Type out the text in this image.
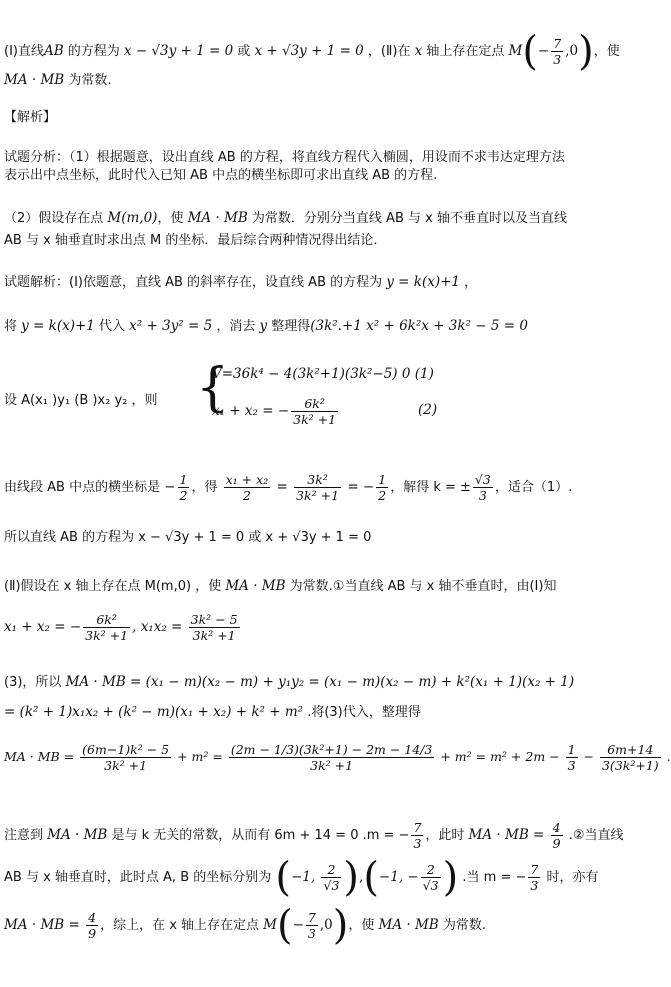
(Ⅰ)直线AB 的方程为 x − √3y + 1 = 0 或 x + √3y + 1 = 0 ，(Ⅱ)在 x 轴上存在定点 $M(- \frac{7}{3} ,0)$，使
MA · MB 为常数.
【解析】
试题分析：（1）根据题意，设出直线 AB 的方程，将直线方程代入椭圆，用设而不求韦达定理方法
表示出中点坐标，此时代入已知 AB 中点的横坐标即可求出直线 AB 的方程.
（2）假设存在点 M(m,0)，使 MA · MB 为常数．分别分当直线 AB 与 x 轴不垂直时以及当直线
AB 与 x 轴垂直时求出点 M 的坐标．最后综合两种情况得出结论．
试题解析：(Ⅰ)依题意，直线 AB 的斜率存在，设直线 AB 的方程为 y = k(x)+1 ，
将 y = k(x)+1 代入 x² + 3y² = 5 ，消去 y 整理得(3k².+1 x² + 6k²x + 3k² − 5 = 0
设 A(x₁ )y₁ (B )x₂ y₂ ，则 {
V=36k⁴ − 4(3k²+1)(3k²−5) 0 (1)
x₁ + x₂ = − $\frac{\text{6k²}}{\text{3k² +1}}$	(2)
由线段 AB 中点的横坐标是 − $\frac{1}{2}$ ，得 $\frac{\text{x₁ + x₂}}{2} = \frac{\text{3k²}}{\text{3k² +1}}$ = − $\frac{1}{2}$ ，解得 k = ± $\frac{√3}{3}$ ，适合（1）.
所以直线 AB 的方程为 x − √3y + 1 = 0 或 x + √3y + 1 = 0
(Ⅱ)假设在 x 轴上存在点 M(m,0) ，使 MA · MB 为常数.①当直线 AB 与 x 轴不垂直时，由(Ⅰ)知
x₁ + x₂ = − $\frac{\text{6k²}}{\text{3k² +1}}$ , $x_1x_2 = \frac{\text{3k² − 5}}{\text{3k² +1}}$
(3)，所以 MA · MB = (x₁ − m)(x₂ − m) + y₁y₂ = (x₁ − m)(x₂ − m) + k²(x₁ + 1)(x₂ + 1)
= (k² + 1)x₁x₂ + (k² − m)(x₁ + x₂) + k² + m² .将(3)代入，整理得
MA · MB = $\frac{\text{(6m−1)k² − 5}}{\text{3k² +1}} + m^2 = \frac{\text{(2m − 1/3)(3k²+1) − 2m − 14/3}}{\text{3k² +1}} + m^2 = m^2 + 2m - \frac{1}{3} - \frac{6m+14}{\text{3(3k²+1)}}$ .
注意到 MA · MB 是与 k 无关的常数，从而有 6m + 14 = 0 .m = − $\frac{7}{3}$ ，此时 MA · MB = $\frac{4}{9}$ .②当直线
AB 与 x 轴垂直时，此时点 A, B 的坐标分别为 (−1, $\frac{2}{√3} ),(-1$, − $\frac{2}{√3}$ ) .当 m = − $\frac{7}{3}$ 时，亦有
MA · MB = $\frac{4}{9}$ ，综上，在 x 轴上存在定点 $M(- \frac{7}{3} ,0)$，使 MA · MB 为常数.
